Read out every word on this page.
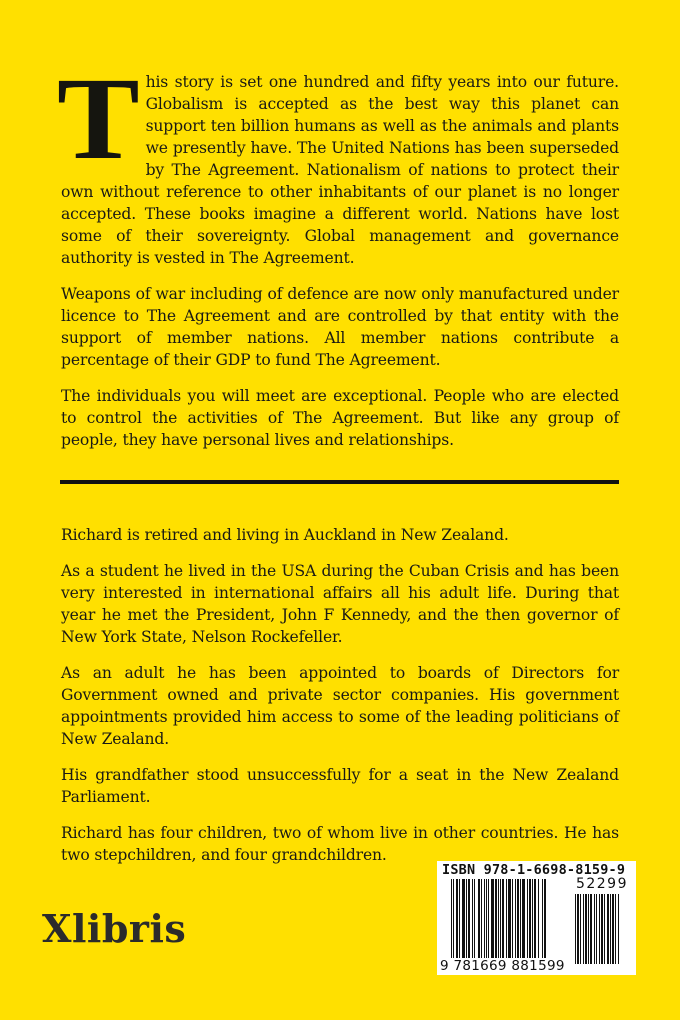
This story is set one hundred and fifty years into our future. Globalism is accepted as the best way this planet can support ten billion humans as well as the animals and plants we presently have. The United Nations has been superseded by The Agreement. Nationalism of nations to protect their own without reference to other inhabitants of our planet is no longer accepted. These books imagine a different world. Nations have lost some of their sovereignty. Global management and governance authority is vested in The Agreement.

Weapons of war including of defence are now only manufactured under licence to The Agreement and are controlled by that entity with the support of member nations. All member nations contribute a percentage of their GDP to fund The Agreement.

The individuals you will meet are exceptional. People who are elected to control the activities of The Agreement. But like any group of people, they have personal lives and relationships.

Richard is retired and living in Auckland in New Zealand.

As a student he lived in the USA during the Cuban Crisis and has been very interested in international affairs all his adult life. During that year he met the President, John F Kennedy, and the then governor of New York State, Nelson Rockefeller.

As an adult he has been appointed to boards of Directors for Government owned and private sector companies. His government appointments provided him access to some of the leading politicians of New Zealand.

His grandfather stood unsuccessfully for a seat in the New Zealand Parliament.

Richard has four children, two of whom live in other countries. He has two stepchildren, and four grandchildren.

Xlibris
ISBN 978-1-6698-8159-9
52299
9 781669 881599
